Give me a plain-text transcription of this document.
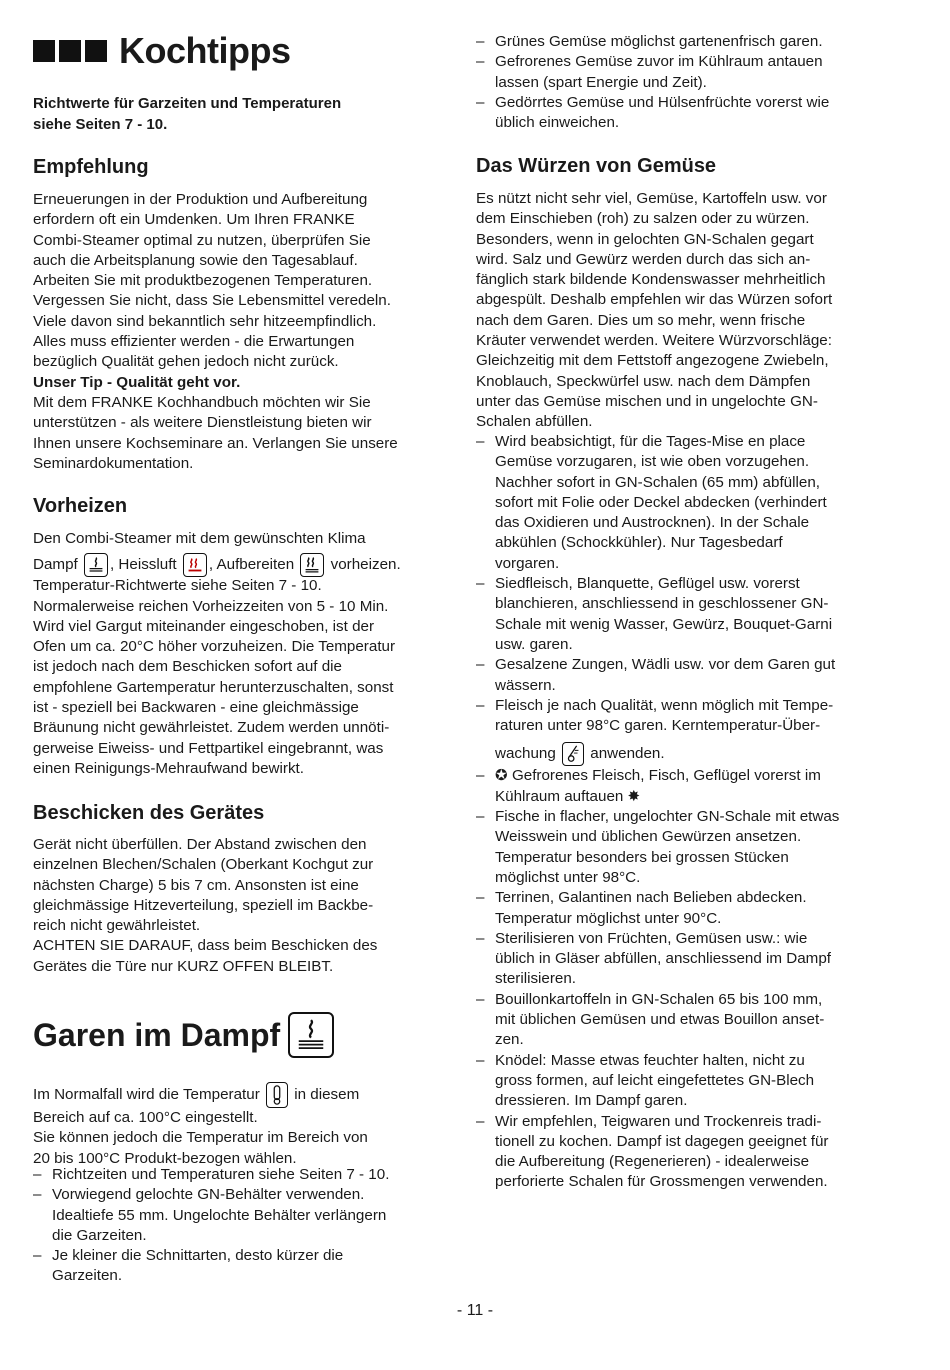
Kochtipps
Richtwerte für Garzeiten und Temperaturen
siehe Seiten 7 - 10.
Empfehlung
Erneuerungen in der Produktion und Aufbereitung
erfordern oft ein Umdenken. Um Ihren FRANKE
Combi-Steamer optimal zu nutzen, überprüfen Sie
auch die Arbeitsplanung sowie den Tagesablauf.
Arbeiten Sie mit produktbezogenen Temperaturen.
Vergessen Sie nicht, dass Sie Lebensmittel veredeln.
Viele davon sind bekanntlich sehr hitzeempfindlich.
Alles muss effizienter werden - die Erwartungen
bezüglich Qualität gehen jedoch nicht zurück.
Unser Tip - Qualität geht vor.
Mit dem FRANKE Kochhandbuch möchten wir Sie
unterstützen - als weitere Dienstleistung bieten wir
Ihnen unsere Kochseminare an. Verlangen Sie unsere
Seminardokumentation.
Vorheizen
Den Combi-Steamer mit dem gewünschten Klima
Dampf , Heissluft , Aufbereiten vorheizen.
Temperatur-Richtwerte siehe Seiten 7 - 10.
Normalerweise reichen Vorheizzeiten von 5 - 10 Min.
Wird viel Gargut miteinander eingeschoben, ist der
Ofen um ca. 20°C höher vorzuheizen. Die Temperatur
ist jedoch nach dem Beschicken sofort auf die
empfohlene Gartemperatur herunterzuschalten, sonst
ist - speziell bei Backwaren - eine gleichmässige
Bräunung nicht gewährleistet. Zudem werden unnöti-
gerweise Eiweiss- und Fettpartikel eingebrannt, was
einen Reinigungs-Mehraufwand bewirkt.
Beschicken des Gerätes
Gerät nicht überfüllen. Der Abstand zwischen den
einzelnen Blechen/Schalen (Oberkant Kochgut zur
nächsten Charge) 5 bis 7 cm. Ansonsten ist eine
gleichmässige Hitzeverteilung, speziell im Backbe-
reich nicht gewährleistet.
ACHTEN SIE DARAUF, dass beim Beschicken des
Gerätes die Türe nur KURZ OFFEN BLEIBT.
Garen im Dampf
Im Normalfall wird die Temperatur in diesem
Bereich auf ca. 100°C eingestellt.
Sie können jedoch die Temperatur im Bereich von
20 bis 100°C Produkt-bezogen wählen.
– Richtzeiten und Temperaturen siehe Seiten 7 - 10.
– Vorwiegend gelochte GN-Behälter verwenden.
Idealtiefe 55 mm. Ungelochte Behälter verlängern
die Garzeiten.
– Je kleiner die Schnittarten, desto kürzer die
Garzeiten.
– Grünes Gemüse möglichst gartenenfrisch garen.
– Gefrorenes Gemüse zuvor im Kühlraum antauen
lassen (spart Energie und Zeit).
– Gedörrtes Gemüse und Hülsenfrüchte vorerst wie
üblich einweichen.
Das Würzen von Gemüse
Es nützt nicht sehr viel, Gemüse, Kartoffeln usw. vor
dem Einschieben (roh) zu salzen oder zu würzen.
Besonders, wenn in gelochten GN-Schalen gegart
wird. Salz und Gewürz werden durch das sich an-
fänglich stark bildende Kondenswasser mehrheitlich
abgespült. Deshalb empfehlen wir das Würzen sofort
nach dem Garen. Dies um so mehr, wenn frische
Kräuter verwendet werden. Weitere Würzvorschläge:
Gleichzeitig mit dem Fettstoff angezogene Zwiebeln,
Knoblauch, Speckwürfel usw. nach dem Dämpfen
unter das Gemüse mischen und in ungelochte GN-
Schalen abfüllen.
– Wird beabsichtigt, für die Tages-Mise en place
Gemüse vorzugaren, ist wie oben vorzugehen.
Nachher sofort in GN-Schalen (65 mm) abfüllen,
sofort mit Folie oder Deckel abdecken (verhindert
das Oxidieren und Austrocknen). In der Schale
abkühlen (Schockkühler). Nur Tagesbedarf
vorgaren.
– Siedfleisch, Blanquette, Geflügel usw. vorerst
blanchieren, anschliessend in geschlossener GN-
Schale mit wenig Wasser, Gewürz, Bouquet-Garni
usw. garen.
– Gesalzene Zungen, Wädli usw. vor dem Garen gut
wässern.
– Fleisch je nach Qualität, wenn möglich mit Tempe-
raturen unter 98°C garen. Kerntemperatur-Über-
wachung anwenden.
– ✪ Gefrorenes Fleisch, Fisch, Geflügel vorerst im
Kühlraum auftauen ✸
– Fische in flacher, ungelochter GN-Schale mit etwas
Weisswein und üblichen Gewürzen ansetzen.
Temperatur besonders bei grossen Stücken
möglichst unter 98°C.
– Terrinen, Galantinen nach Belieben abdecken.
Temperatur möglichst unter 90°C.
– Sterilisieren von Früchten, Gemüsen usw.: wie
üblich in Gläser abfüllen, anschliessend im Dampf
sterilisieren.
– Bouillonkartoffeln in GN-Schalen 65 bis 100 mm,
mit üblichen Gemüsen und etwas Bouillon anset-
zen.
– Knödel: Masse etwas feuchter halten, nicht zu
gross formen, auf leicht eingefettetes GN-Blech
dressieren. Im Dampf garen.
– Wir empfehlen, Teigwaren und Trockenreis tradi-
tionell zu kochen. Dampf ist dagegen geeignet für
die Aufbereitung (Regenerieren) - idealerweise
perforierte Schalen für Grossmengen verwenden.
- 11 -
